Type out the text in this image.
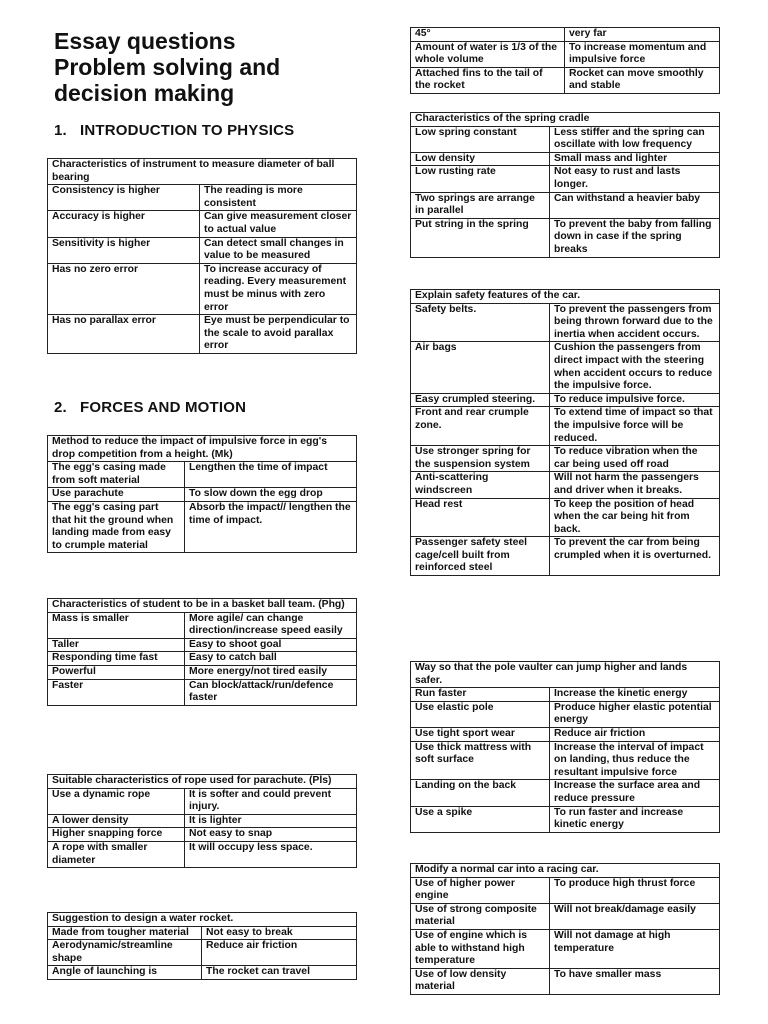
Essay questions
Problem solving and
decision making
1. INTRODUCTION TO PHYSICS
2. FORCES AND MOTION
Characteristics of instrument to measure diameter of ball bearing	
Consistency is higher	The reading is more consistent
Accuracy is higher	Can give measurement closer to actual value
Sensitivity is higher	Can detect small changes in value to be measured
Has no zero error	To increase accuracy of reading. Every measurement must be minus with zero error
Has no parallax error	Eye must be perpendicular to the scale to avoid parallax error
Method to reduce the impact of impulsive force in egg's drop competition from a height. (Mk)	
The egg's casing made from soft material	Lengthen the time of impact
Use parachute	To slow down the egg drop
The egg's casing part that hit the ground when landing made from easy to crumple material	Absorb the impact// lengthen the time of impact.
Characteristics of student to be in a basket ball team. (Phg)	
Mass is smaller	More agile/ can change direction/increase speed easily
Taller	Easy to shoot goal
Responding time fast	Easy to catch ball
Powerful	More energy/not tired easily
Faster	Can block/attack/run/defence faster
Suitable characteristics of rope used for parachute. (Pls)	
Use a dynamic rope	It is softer and could prevent injury.
A lower density	It is lighter
Higher snapping force	Not easy to snap
A rope with smaller diameter	It will occupy less space.
Suggestion to design a water rocket.	
Made from tougher material	Not easy to break
Aerodynamic/streamline shape	Reduce air friction
Angle of launching is	The rocket can travel
45°	very far
Amount of water is 1/3 of the whole volume	To increase momentum and impulsive force
Attached fins to the tail of the rocket	Rocket can move smoothly and stable
Characteristics of the spring cradle	
Low spring constant	Less stiffer and the spring can oscillate with low frequency
Low density	Small mass and lighter
Low rusting rate	Not easy to rust and lasts longer.
Two springs are arrange in parallel	Can withstand a heavier baby
Put string in the spring	To prevent the baby from falling down in case if the spring breaks
Explain safety features of the car.	
Safety belts.	To prevent the passengers from being thrown forward due to the inertia when accident occurs.
Air bags	Cushion the passengers from direct impact with the steering when accident occurs to reduce the impulsive force.
Easy crumpled steering.	To reduce impulsive force.
Front and rear crumple zone.	To extend time of impact so that the impulsive force will be reduced.
Use stronger spring for the suspension system	To reduce vibration when the car being used off road
Anti-scattering windscreen	Will not harm the passengers and driver when it breaks.
Head rest	To keep the position of head when the car being hit from back.
Passenger safety steel cage/cell built from reinforced steel	To prevent the car from being crumpled when it is overturned.
Way so that the pole vaulter can jump higher and lands safer.	
Run faster	Increase the kinetic energy
Use elastic pole	Produce higher elastic potential energy
Use tight sport wear	Reduce air friction
Use thick mattress with soft surface	Increase the interval of impact on landing, thus reduce the resultant impulsive force
Landing on the back	Increase the surface area and reduce pressure
Use a spike	To run faster and increase kinetic energy
Modify a normal car into a racing car.	
Use of higher power engine	To produce high thrust force
Use of strong composite material	Will not break/damage easily
Use of engine which is able to withstand high temperature	Will not damage at high temperature
Use of low density material	To have smaller mass
